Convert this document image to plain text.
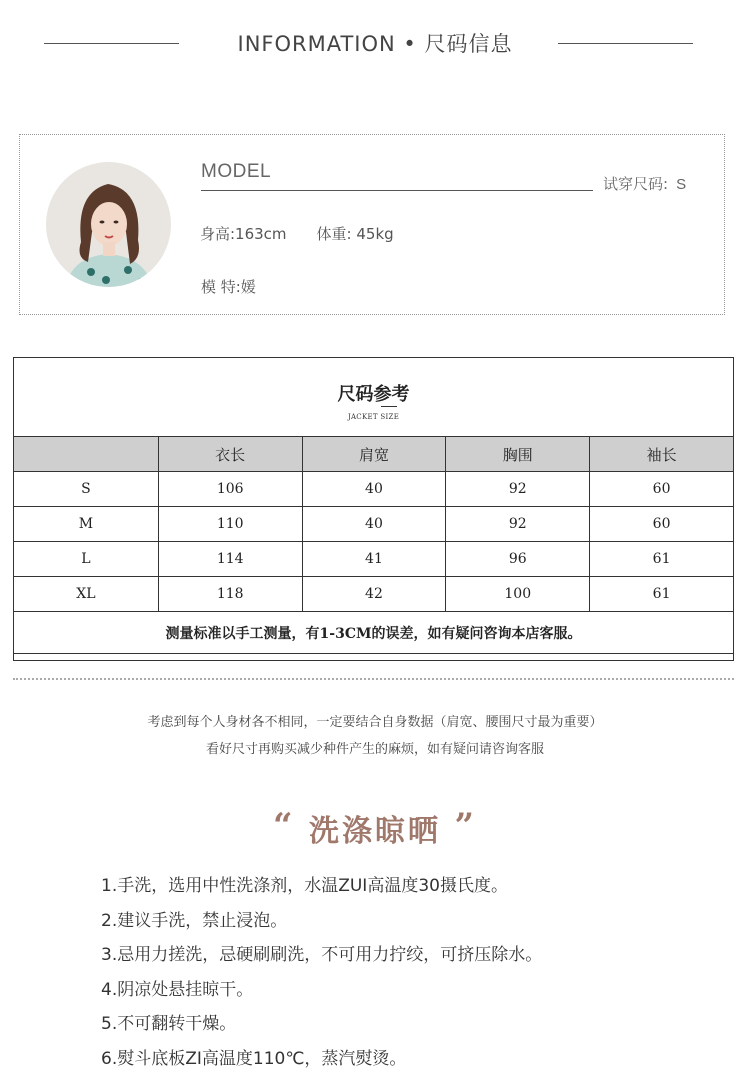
INFORMATION • 尺码信息
MODEL
试穿尺码: S
身高:163cm 体重: 45kg
模 特:媛
尺码参考
JACKET SIZE
	衣长	肩宽	胸围	袖长
S	106	40	92	60
M	110	40	92	60
L	114	41	96	61
XL	118	42	100	61
测量标准以手工测量，有1-3CM的误差，如有疑问咨询本店客服。				
考虑到每个人身材各不相同，一定要结合自身数据（肩宽、腰围尺寸最为重要）
看好尺寸再购买减少种件产生的麻烦，如有疑问请咨询客服
“ 洗涤晾晒 ”
1.手洗，选用中性洗涤剂，水温ZUI高温度30摄氏度。
2.建议手洗，禁止浸泡。
3.忌用力搓洗，忌硬刷刷洗，不可用力拧绞，可挤压除水。
4.阴凉处悬挂晾干。
5.不可翻转干燥。
6.熨斗底板ZI高温度110℃，蒸汽熨烫。
